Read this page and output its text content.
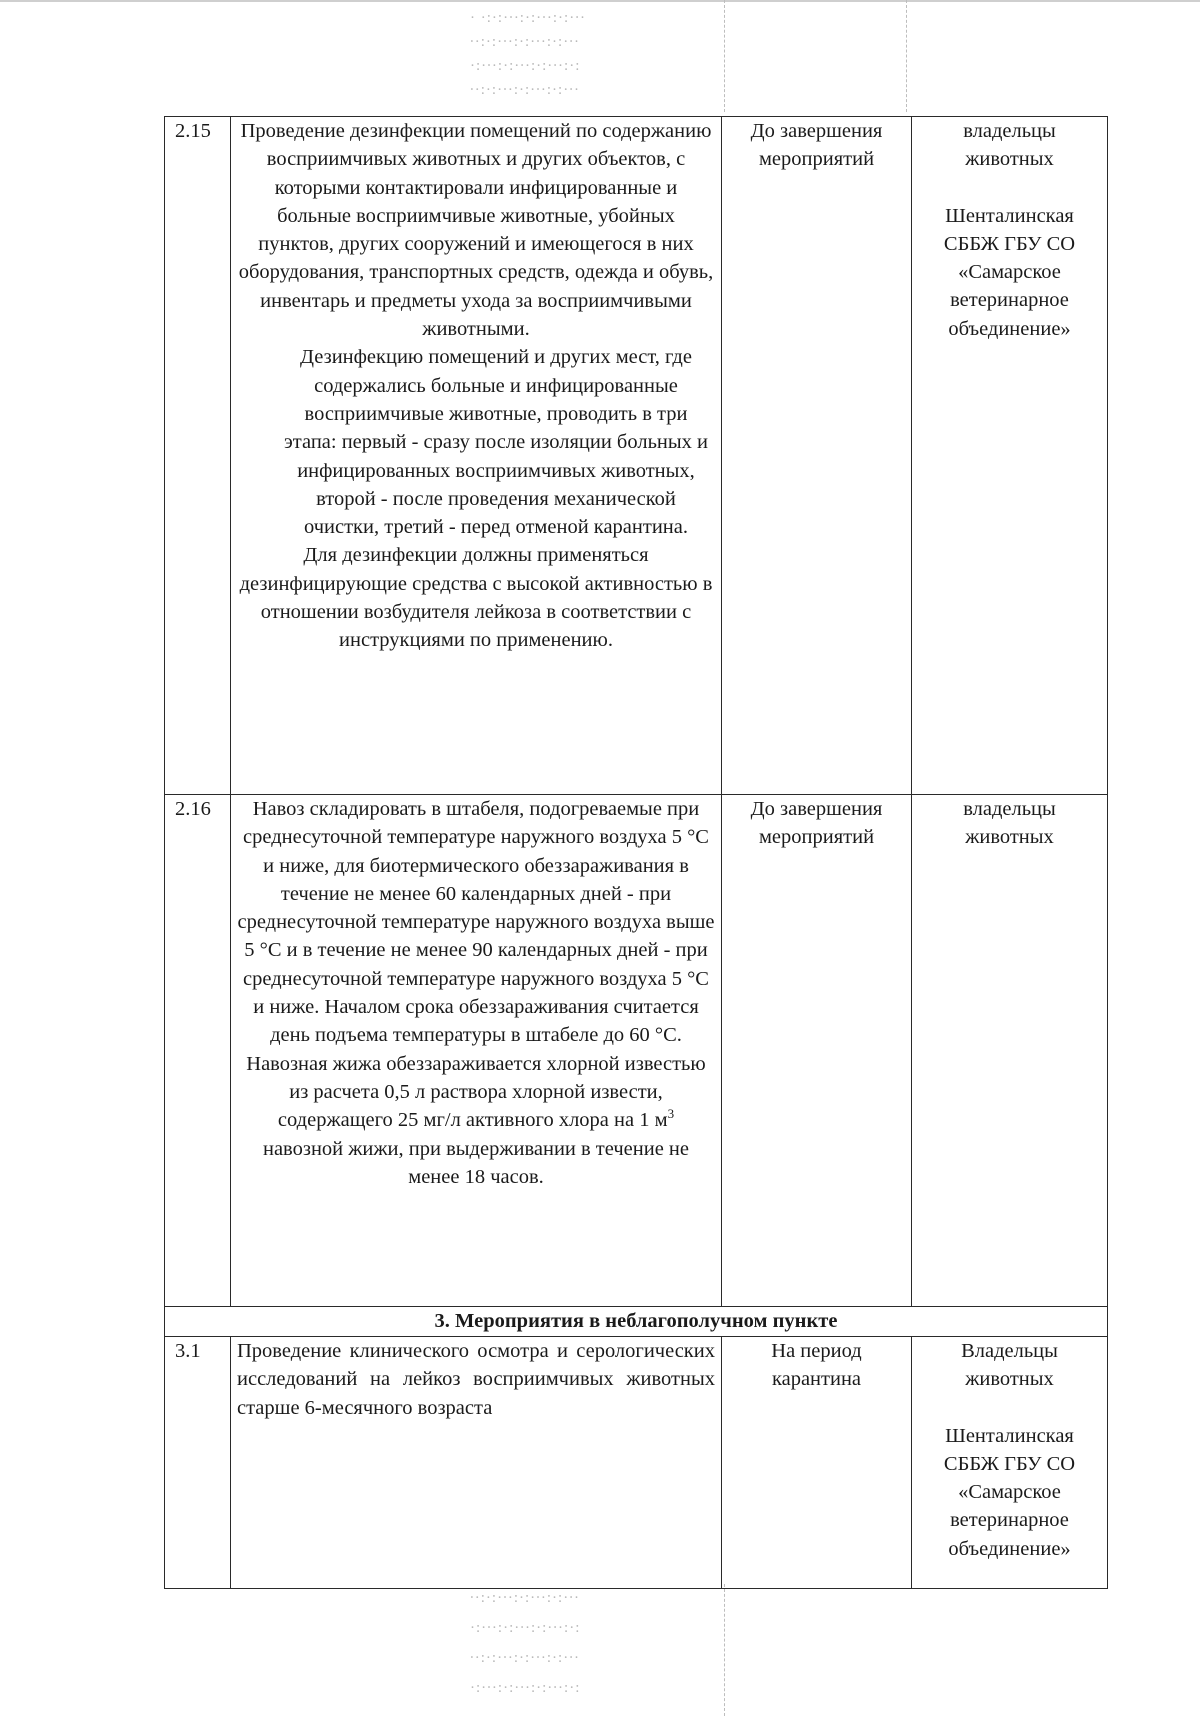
· ·:·:·∙·:·:·∙·:·:·∙·
∙·:·:·∙·:·:·∙·:·:·∙·
·:·∙·:·:·∙·:·:·∙·:·:
∙·:·:·∙·:·:·∙·:·:·∙·
∙·:·:·∙·:·:·∙·:·:·∙·
·:·∙·:·:·∙·:·:·∙·:·:
∙·:·:·∙·:·:·∙·:·:·∙·
·:·∙·:·:·∙·:·:·∙·:·:
2.15	Проведение дезинфекции помещений по содержанию восприимчивых животных и других объектов, с которыми контактировали инфицированные и больные восприимчивые животные, убойных пунктов, других сооружений и имеющегося в них оборудования, транспортных средств, одежда и обувь, инвентарь и предметы ухода за восприимчивыми животными.
Дезинфекцию помещений и других мест, где содержались больные и инфицированные восприимчивые животные, проводить в три этапа: первый - сразу после изоляции больных и инфицированных восприимчивых животных, второй - после проведения механической очистки, третий - перед отменой карантина.
Для дезинфекции должны применяться дезинфицирующие средства с высокой активностью в отношении возбудителя лейкоза в соответствии с инструкциями по применению.	До завершения мероприятий	владельцы животных
Шенталинская СББЖ ГБУ СО «Самарское ветеринарное объединение»

2.16	Навоз складировать в штабеля, подогреваемые при среднесуточной температуре наружного воздуха 5 °C и ниже, для биотермического обеззараживания в течение не менее 60 календарных дней - при среднесуточной температуре наружного воздуха выше 5 °C и в течение не менее 90 календарных дней - при среднесуточной температуре наружного воздуха 5 °C и ниже. Началом срока обеззараживания считается день подъема температуры в штабеле до 60 °C. Навозная жижа обеззараживается хлорной известью из расчета 0,5 л раствора хлорной извести, содержащего 25 мг/л активного хлора на 1 $м^3$ навозной жижи, при выдерживании в течение не менее 18 часов.	До завершения мероприятий	владельцы животных
3. Мероприятия в неблагополучном пункте			
3.1	Проведение клинического осмотра и серологических исследований на лейкоз восприимчивых животных старше 6-месячного возраста	На период карантина	Владельцы животных
Шенталинская СББЖ ГБУ СО «Самарское ветеринарное объединение»
